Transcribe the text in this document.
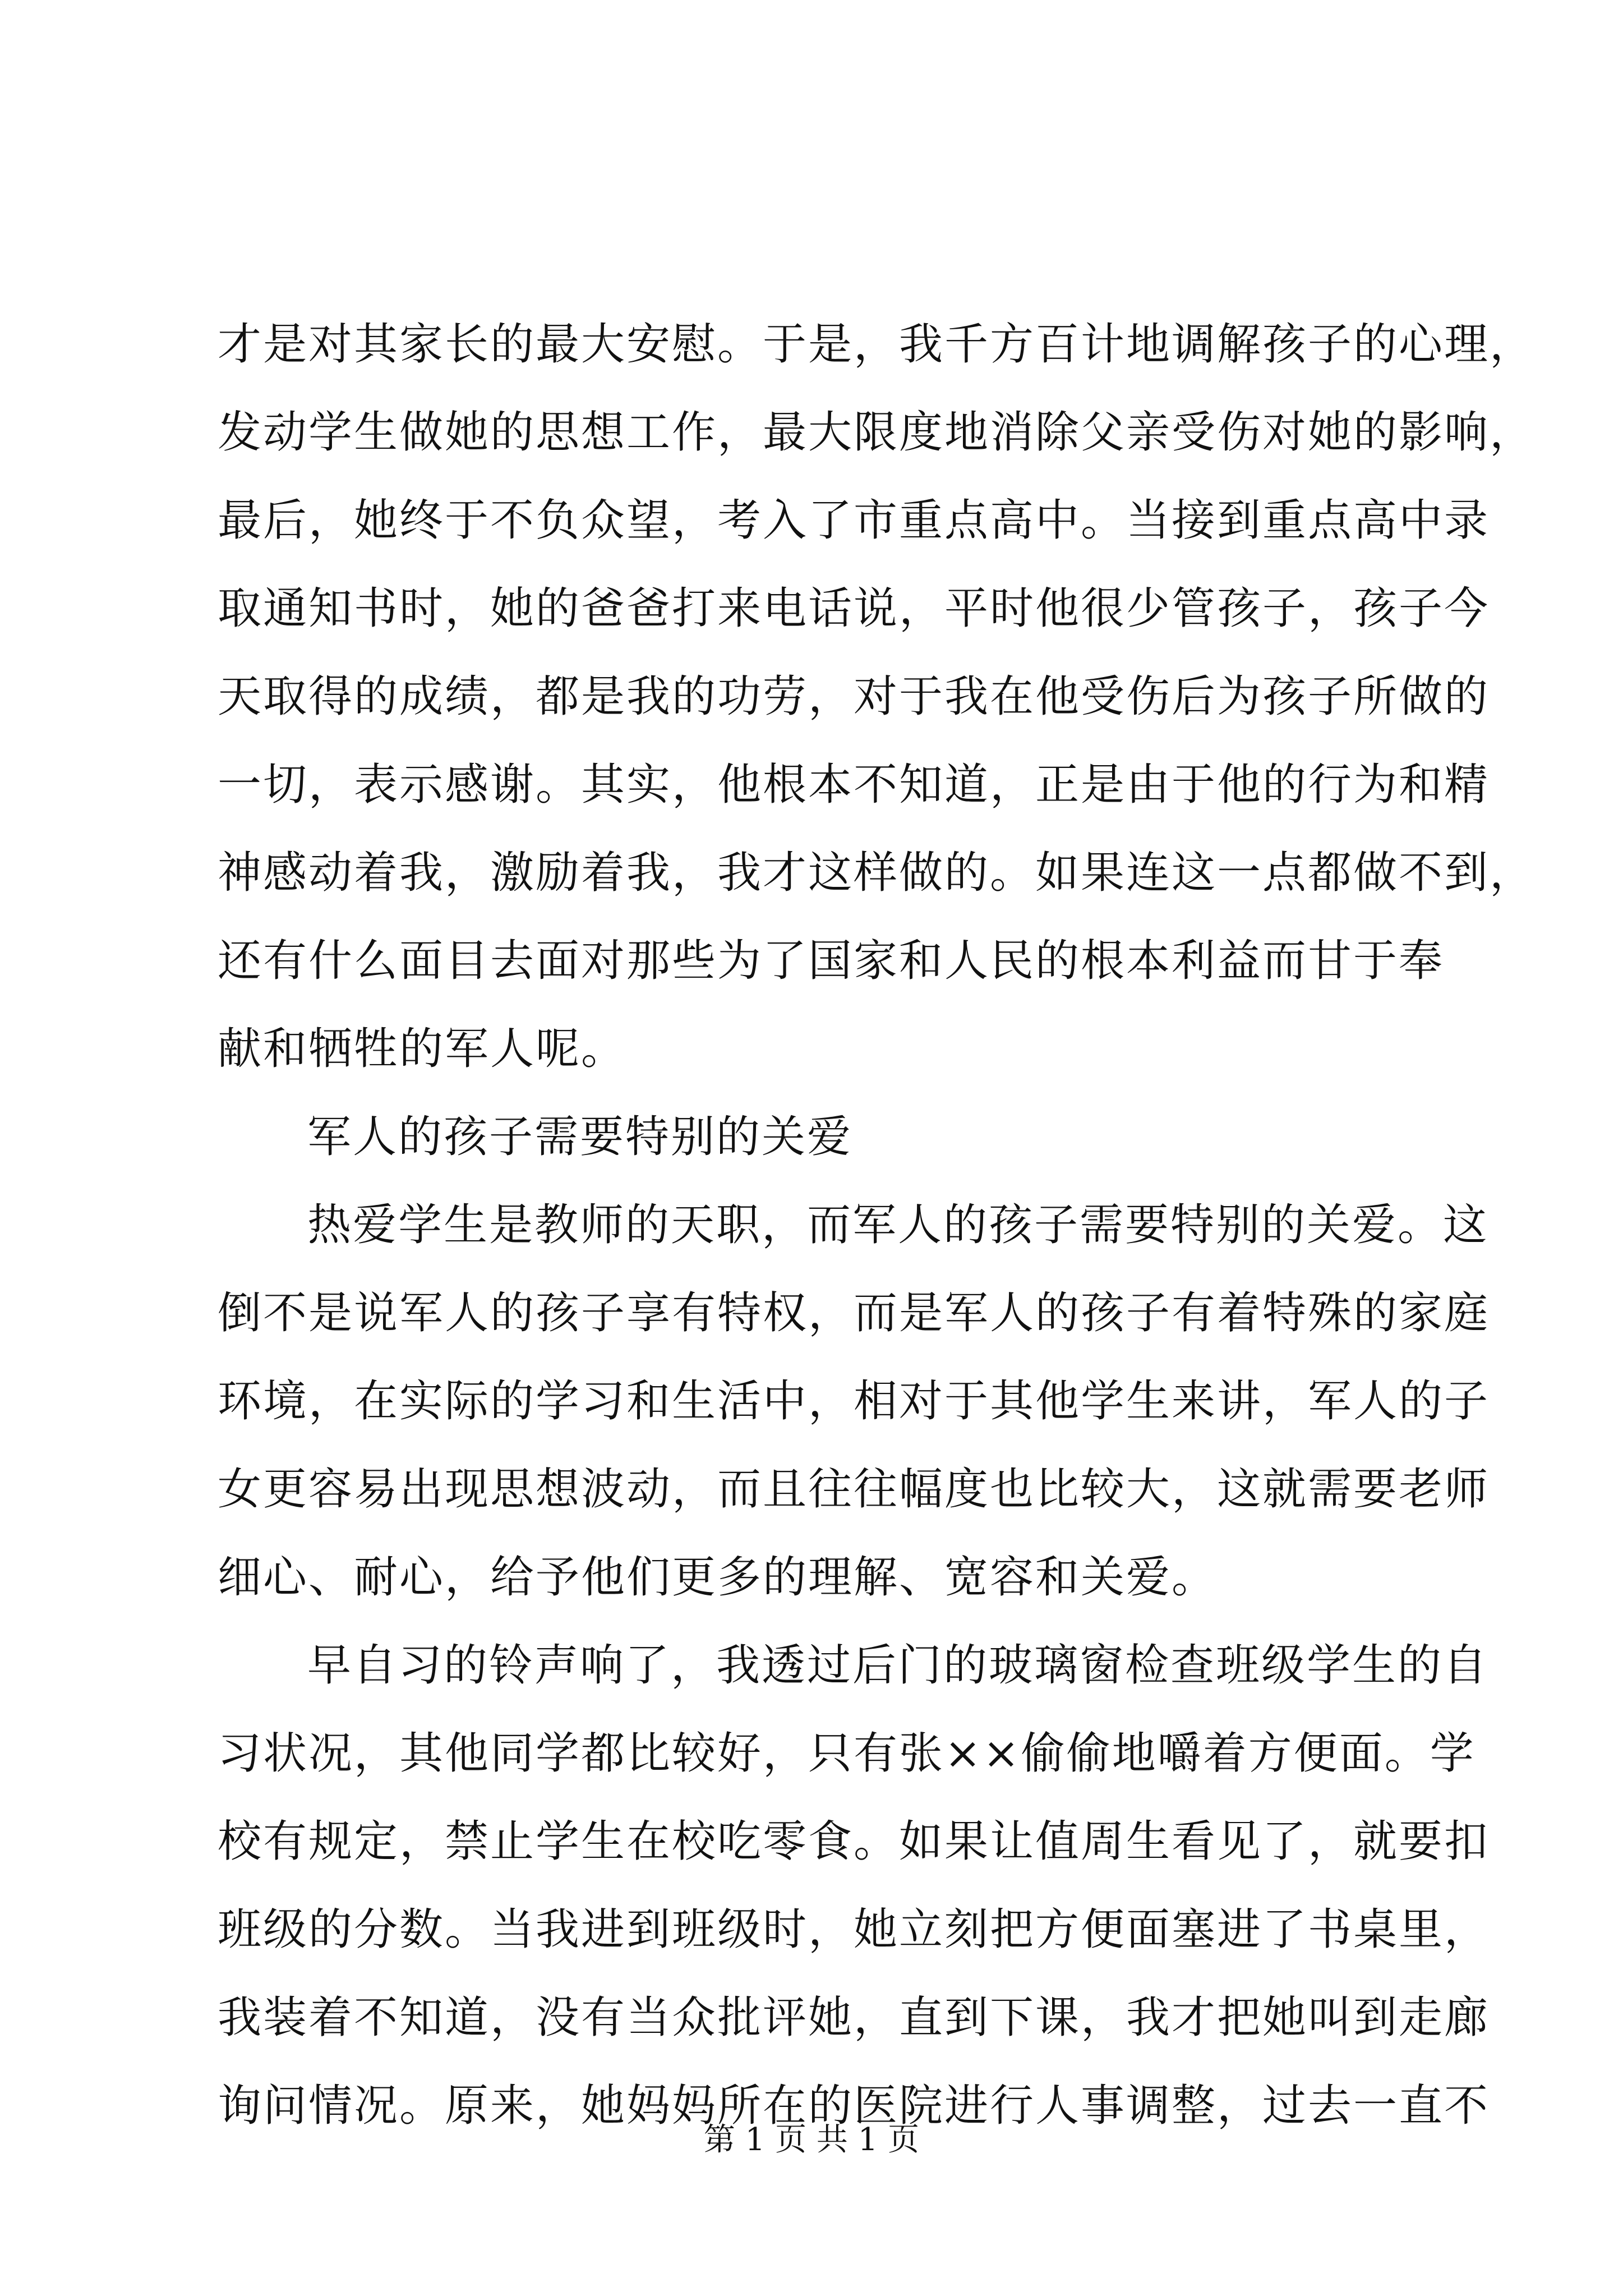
才是对其家长的最大安慰。于是，我千方百计地调解孩子的心理，
发动学生做她的思想工作，最大限度地消除父亲受伤对她的影响，
最后，她终于不负众望，考入了市重点高中。当接到重点高中录
取通知书时，她的爸爸打来电话说，平时他很少管孩子，孩子今
天取得的成绩，都是我的功劳，对于我在他受伤后为孩子所做的
一切，表示感谢。其实，他根本不知道，正是由于他的行为和精
神感动着我，激励着我，我才这样做的。如果连这一点都做不到，
还有什么面目去面对那些为了国家和人民的根本利益而甘于奉
献和牺牲的军人呢。
军人的孩子需要特别的关爱
热爱学生是教师的天职，而军人的孩子需要特别的关爱。这
倒不是说军人的孩子享有特权，而是军人的孩子有着特殊的家庭
环境，在实际的学习和生活中，相对于其他学生来讲，军人的子
女更容易出现思想波动，而且往往幅度也比较大，这就需要老师
细心、耐心，给予他们更多的理解、宽容和关爱。
早自习的铃声响了，我透过后门的玻璃窗检查班级学生的自
习状况，其他同学都比较好，只有张××偷偷地嚼着方便面。学
校有规定，禁止学生在校吃零食。如果让值周生看见了，就要扣
班级的分数。当我进到班级时，她立刻把方便面塞进了书桌里，
我装着不知道，没有当众批评她，直到下课，我才把她叫到走廊
询问情况。原来，她妈妈所在的医院进行人事调整，过去一直不
第 1 页 共 1 页
